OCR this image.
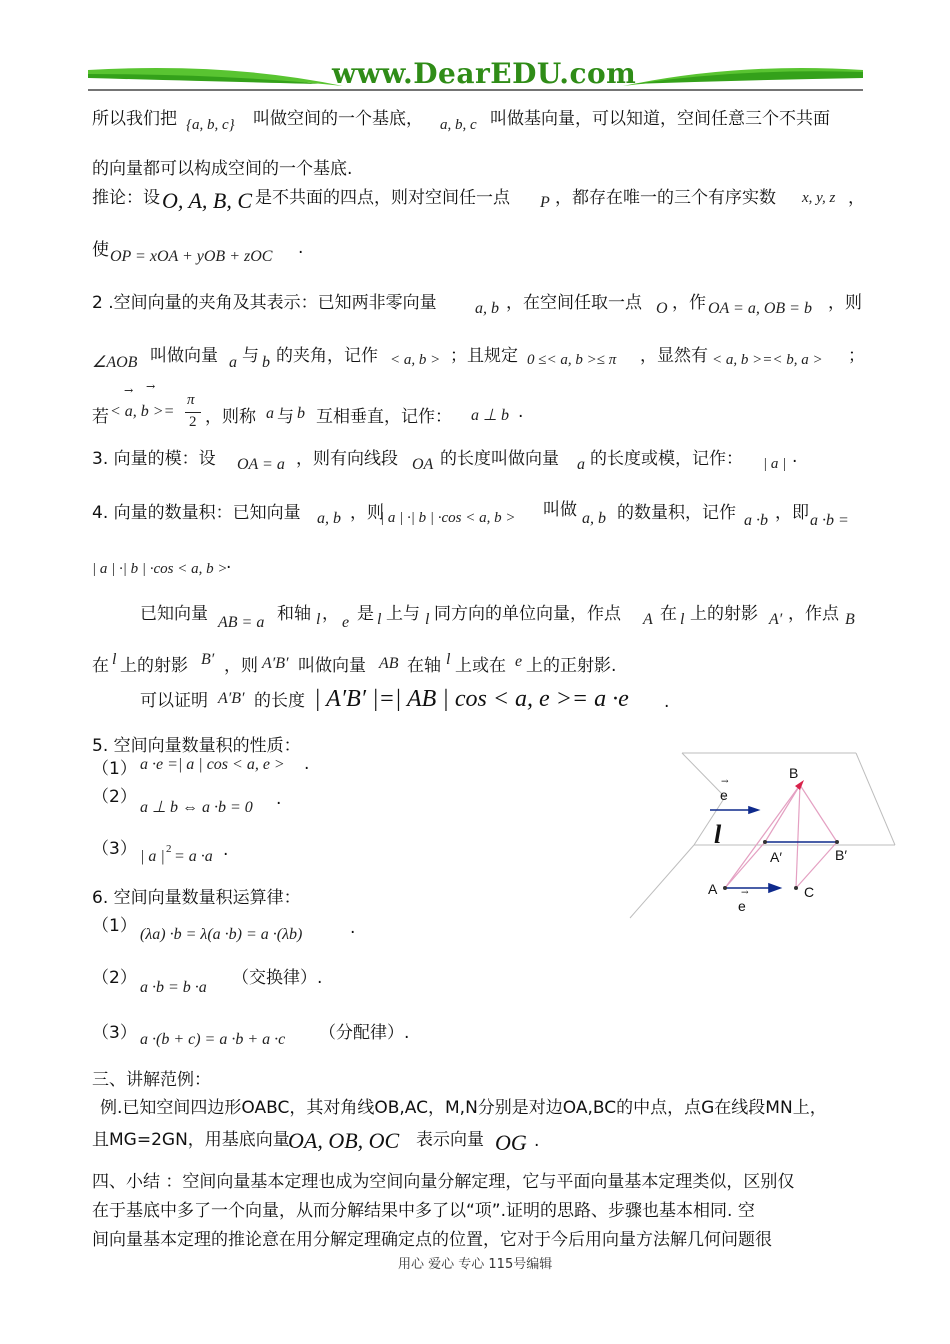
www.DearEDU.com
所以我们把 {a, b, c} 叫做空间的一个基底， a, b, c 叫做基向量，可以知道，空间任意三个不共面
的向量都可以构成空间的一个基底.
推论：设 O, A, B, C 是不共面的四点，则对空间任一点 P ，都存在唯一的三个有序实数 x, y, z ，
使 OP = xOA + yOB + zOC .
2 .空间向量的夹角及其表示：已知两非零向量 a, b ，在空间任取一点 O ，作 OA = a, OB = b ，则
∠AOB 叫做向量 a 与 b 的夹角，记作 < a, b > ；且规定 0 ≤< a, b >≤ π ，显然有 < a, b >=< b, a > ；
若
→ →
< a, b >=
π
2 ，则称 a 与 b 互相垂直，记作： a ⊥ b .
3. 向量的模：设 OA = a ，则有向线段 OA 的长度叫做向量 a 的长度或模，记作： | a | .
4. 向量的数量积：已知向量 a, b ，则
| a | ·| b | ·cos < a, b > 叫做 a, b 的数量积，记作 a ·b ，即 a ·b =
| a | ·| b | ·cos < a, b >
.
已知向量 AB = a 和轴 l ， e 是 l 上与 l 同方向的单位向量，作点 A 在 l 上的射影 A′ ，作点 B
在 l 上的射影 B′ ，则 A′B′ 叫做向量 AB 在轴 l 上或在 e 上的正射影.
可以证明 A′B′ 的长度 | A′B′ |=| AB | cos < a, e >= a ·e .
5. 空间向量数量积的性质：
（1） a ·e =| a | cos < a, e > .
（2）
a ⊥ b ⇔ a ·b = 0 .
（3） | a | 2 = a ·a .
6. 空间向量数量积运算律：
（1） (λa) ·b = λ(a ·b) = a ·(λb)	.
（2） a ·b = b ·a （交换律）.
（3） a ·(b + c) = a ·b + a ·c （分配律）.
三、讲解范例：
例.已知空间四边形OABC，其对角线OB,AC，M,N分别是对边OA,BC的中点，点G在线段MN上，
且MG=2GN，用基底向量
OA, OB, OC 表示向量 OG .
四、小结 ：空间向量基本定理也成为空间向量分解定理，它与平面向量基本定理类似，区别仅
在于基底中多了一个向量，从而分解结果中多了以“项”.证明的思路、步骤也基本相同. 空
间向量基本定理的推论意在用分解定理确定点的位置，它对于今后用向量方法解几何问题很
B
→
e
l
A′	B′
A	C
→
e
用心 爱心 专心 115号编辑
